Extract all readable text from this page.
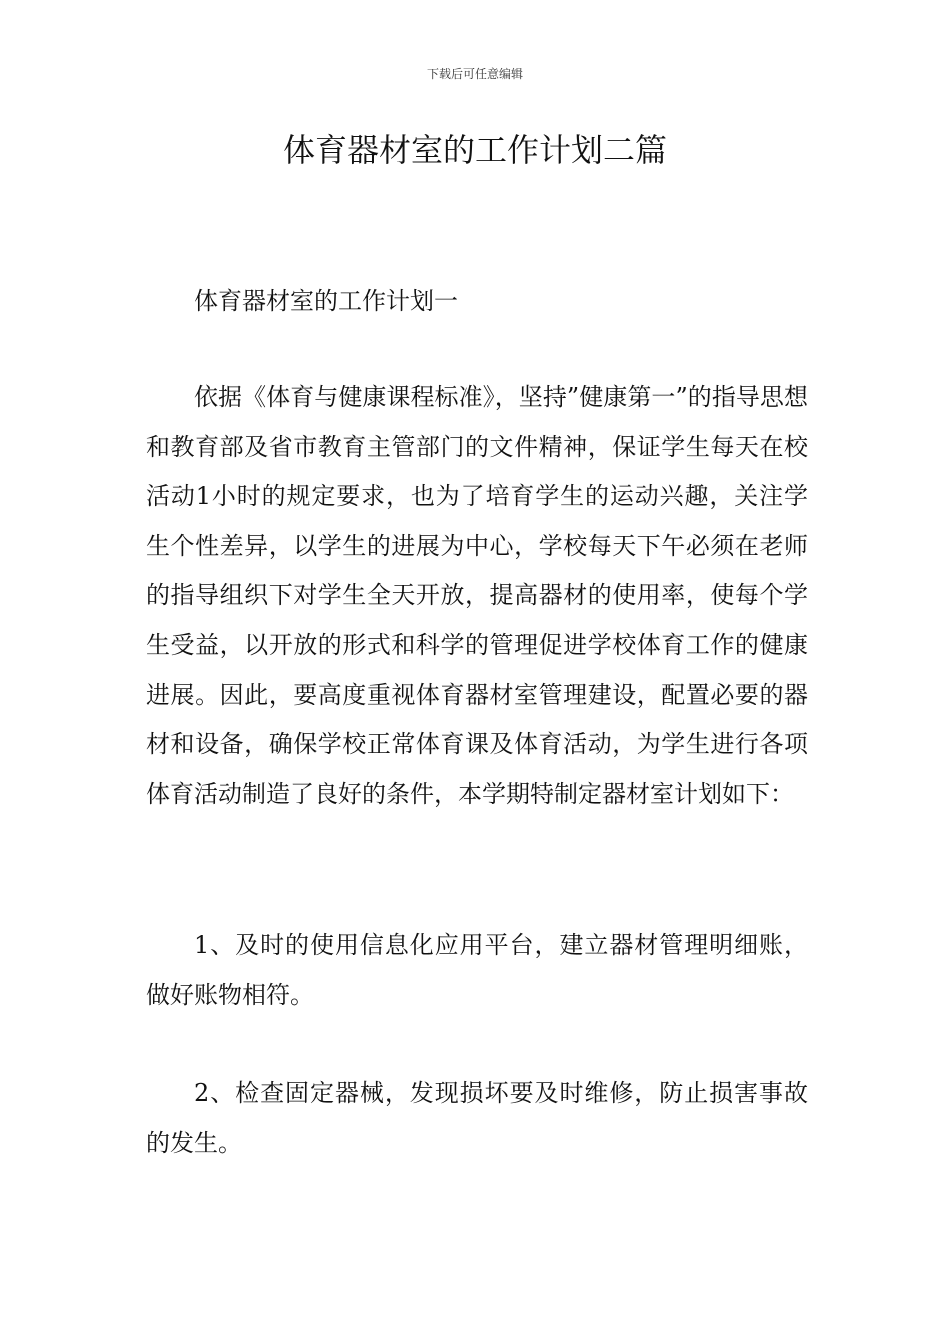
下载后可任意编辑
体育器材室的工作计划二篇

体育器材室的工作计划一

依据《体育与健康课程标准》，坚持”健康第一”的指导思想和教育部及省市教育主管部门的文件精神，保证学生每天在校活动1小时的规定要求，也为了培育学生的运动兴趣，关注学生个性差异，以学生的进展为中心，学校每天下午必须在老师的指导组织下对学生全天开放，提高器材的使用率，使每个学生受益，以开放的形式和科学的管理促进学校体育工作的健康进展。因此，要高度重视体育器材室管理建设，配置必要的器材和设备，确保学校正常体育课及体育活动，为学生进行各项体育活动制造了良好的条件，本学期特制定器材室计划如下：

1、及时的使用信息化应用平台，建立器材管理明细账，做好账物相符。

2、检查固定器械，发现损坏要及时维修，防止损害事故的发生。
